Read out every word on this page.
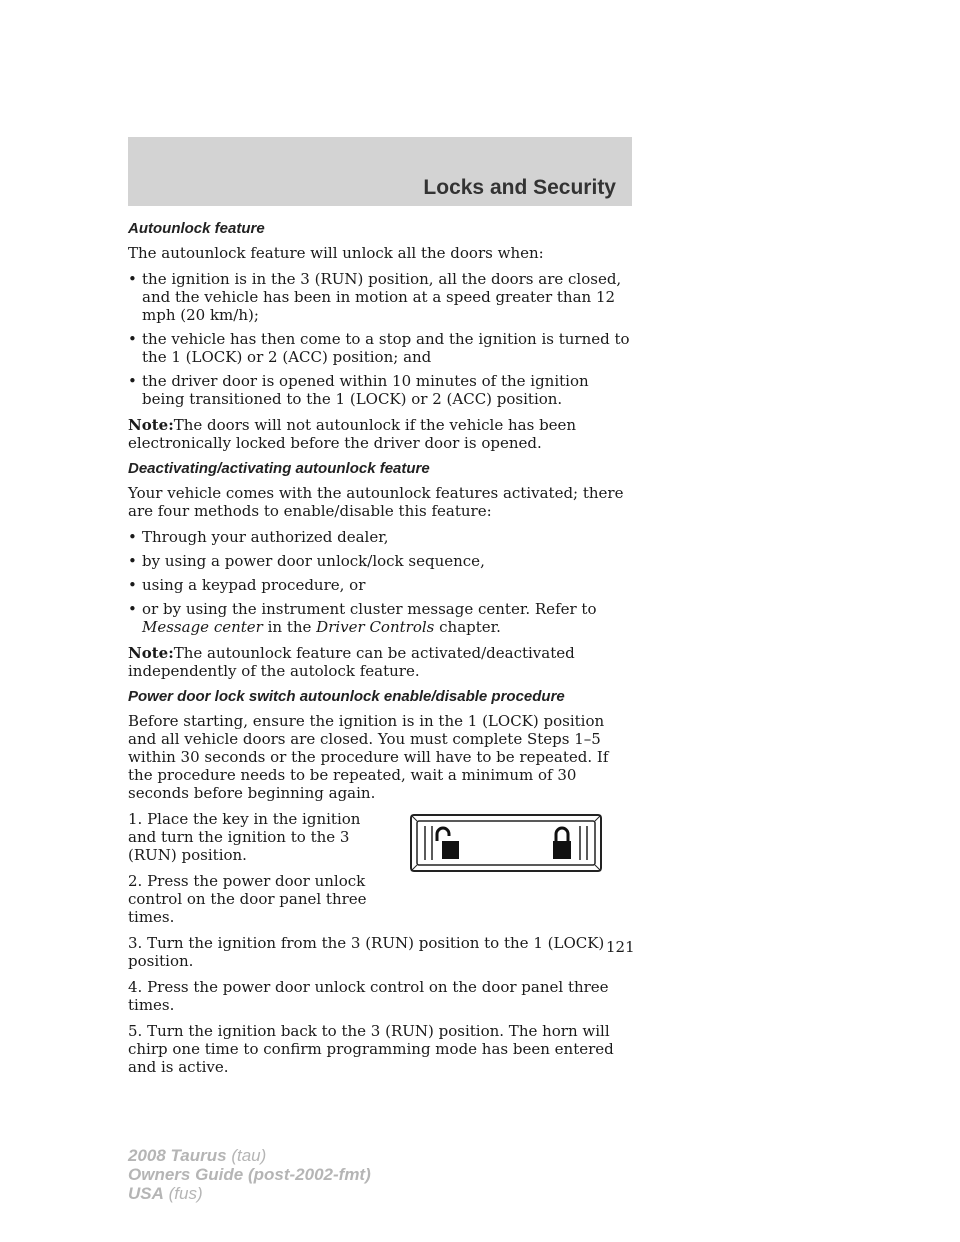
Locks and Security
Autounlock feature

The autounlock feature will unlock all the doors when:

• the ignition is in the 3 (RUN) position, all the doors are closed, and the vehicle has been in motion at a speed greater than 12 mph (20 km/h);
• the vehicle has then come to a stop and the ignition is turned to the 1 (LOCK) or 2 (ACC) position; and
• the driver door is opened within 10 minutes of the ignition being transitioned to the 1 (LOCK) or 2 (ACC) position.

Note:The doors will not autounlock if the vehicle has been electronically locked before the driver door is opened.

Deactivating/activating autounlock feature

Your vehicle comes with the autounlock features activated; there are four methods to enable/disable this feature:

• Through your authorized dealer,
• by using a power door unlock/lock sequence,
• using a keypad procedure, or
• or by using the instrument cluster message center. Refer to Message center in the Driver Controls chapter.

Note:The autounlock feature can be activated/deactivated independently of the autolock feature.

Power door lock switch autounlock enable/disable procedure

Before starting, ensure the ignition is in the 1 (LOCK) position and all vehicle doors are closed. You must complete Steps 1–5 within 30 seconds or the procedure will have to be repeated. If the procedure needs to be repeated, wait a minimum of 30 seconds before beginning again.

1. Place the key in the ignition and turn the ignition to the 3 (RUN) position.

2. Press the power door unlock control on the door panel three times.

3. Turn the ignition from the 3 (RUN) position to the 1 (LOCK) position.

4. Press the power door unlock control on the door panel three times.

5. Turn the ignition back to the 3 (RUN) position. The horn will chirp one time to confirm programming mode has been entered and is active.

121
2008 Taurus (tau)
Owners Guide (post-2002-fmt)
USA (fus)
